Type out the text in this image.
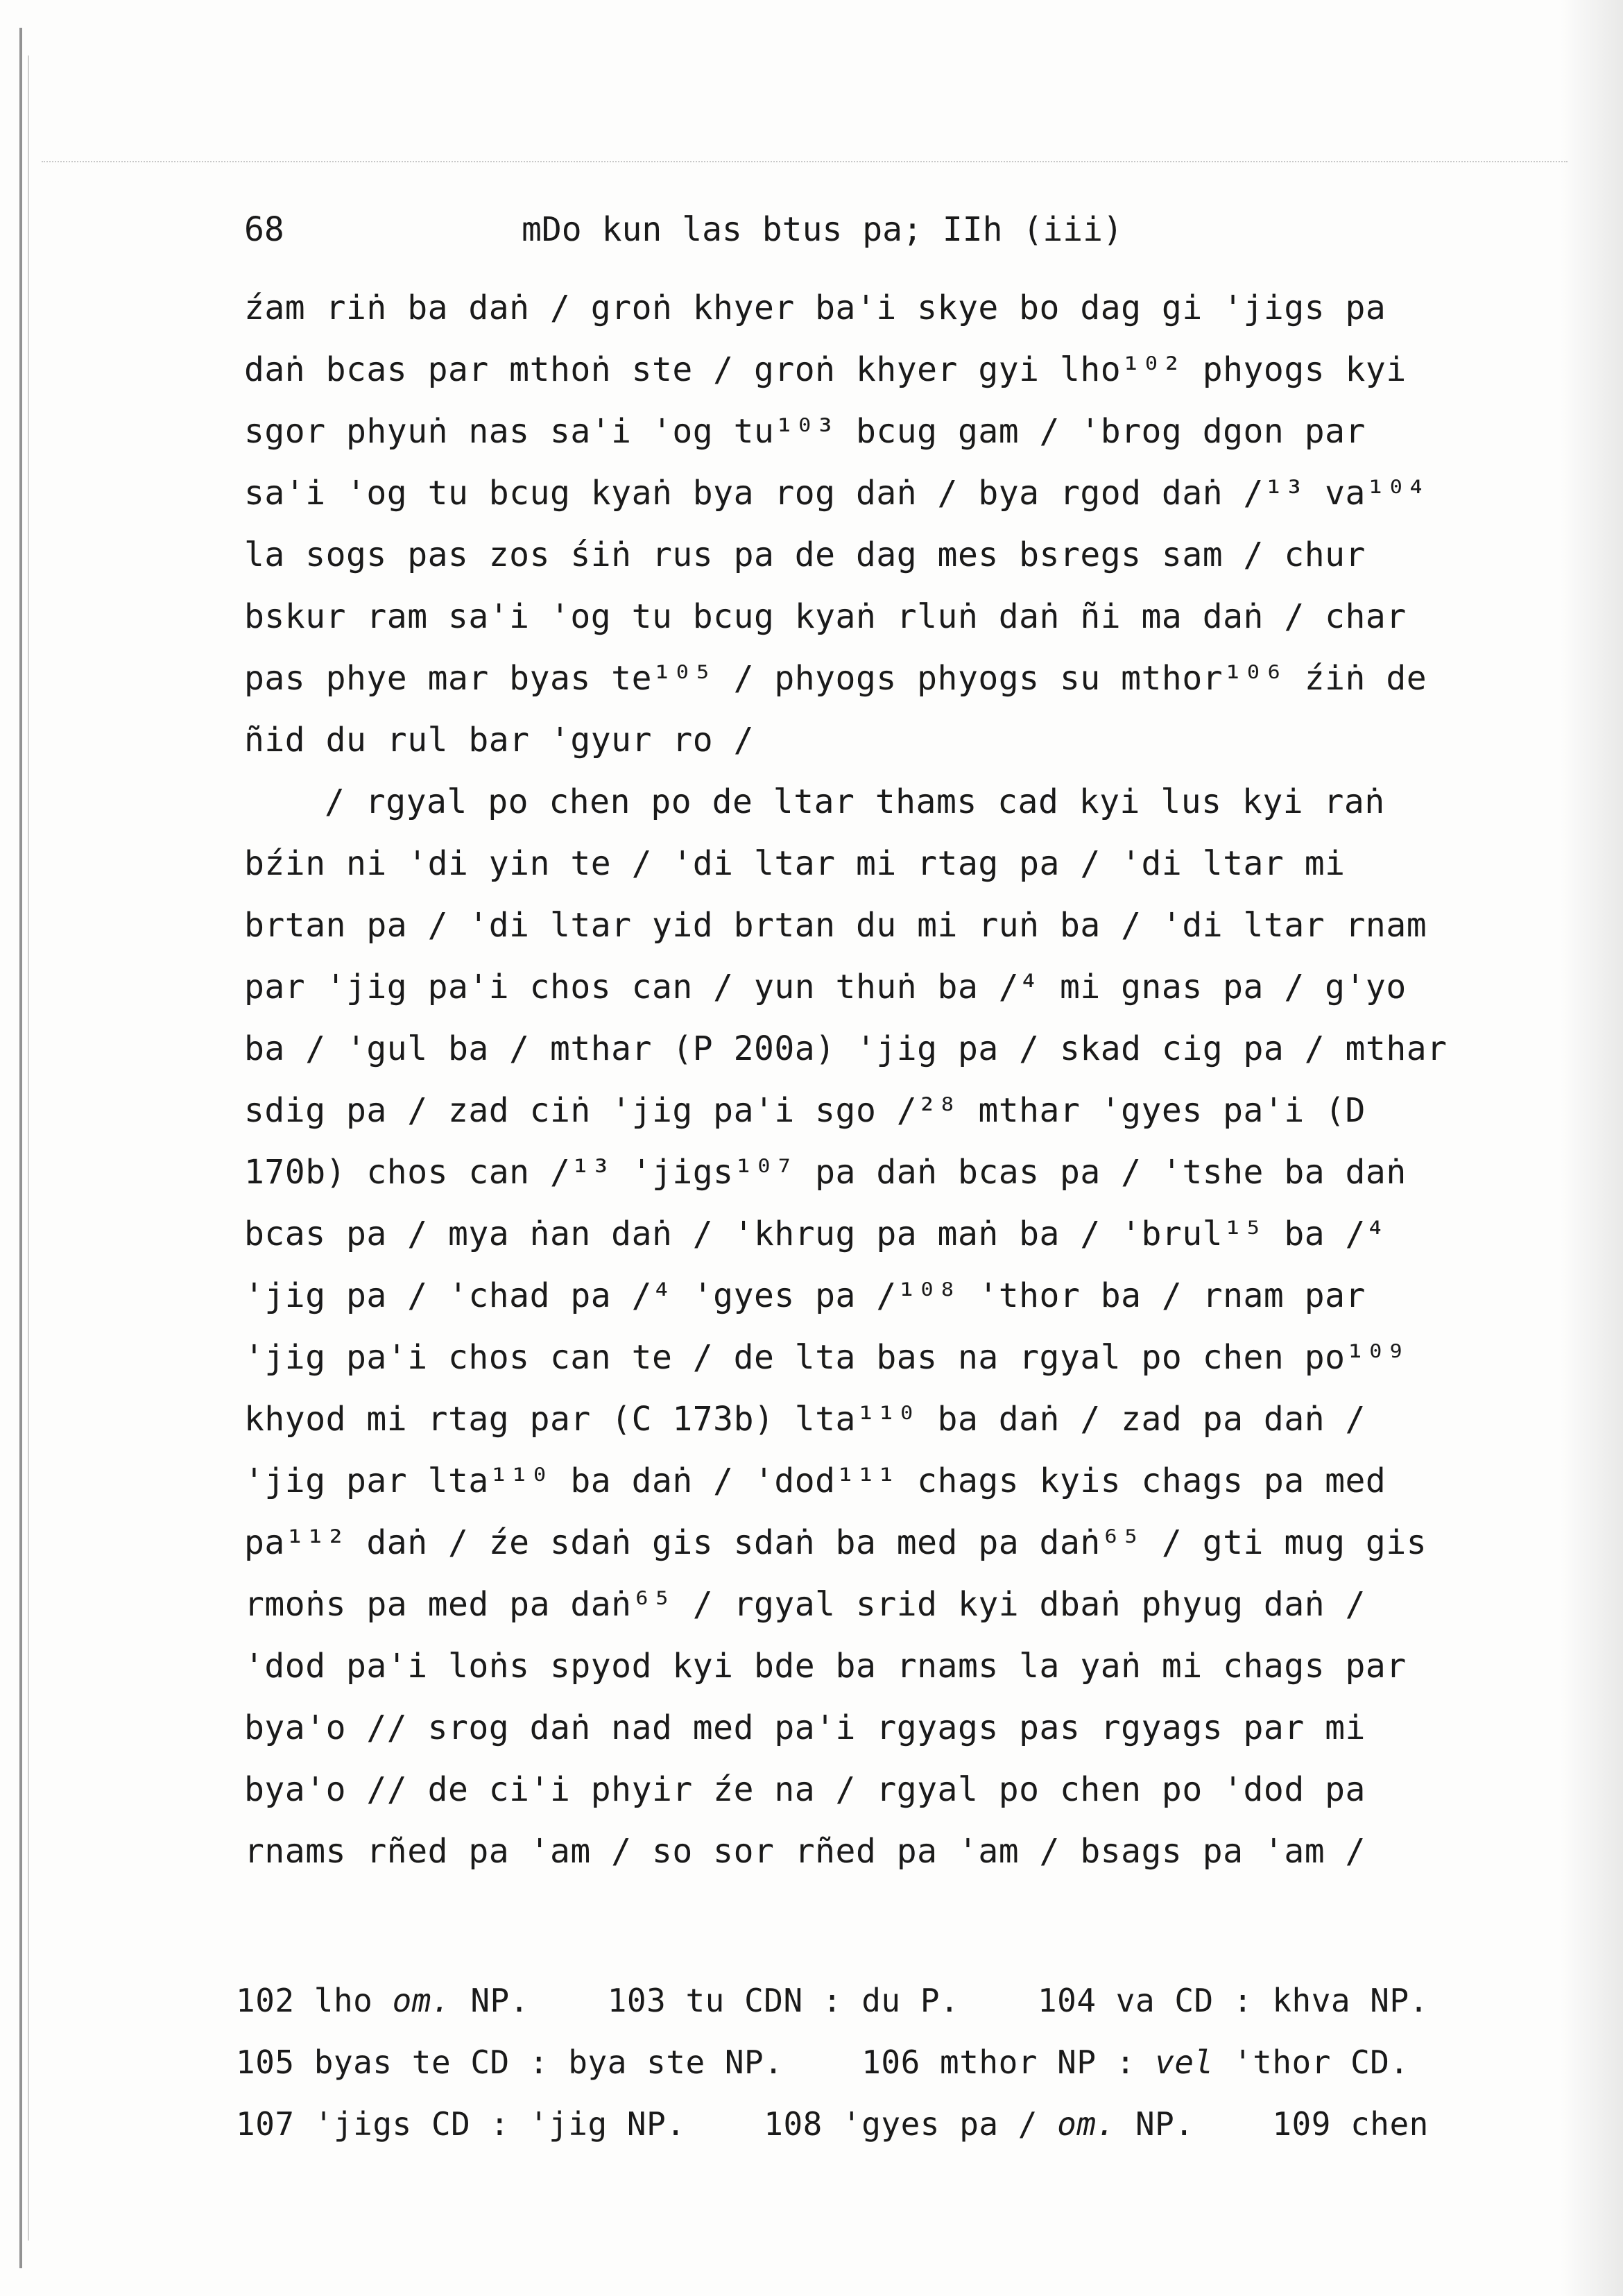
68

	mDo kun las btus pa; IIh (iii)

źam riṅ ba daṅ / groṅ khyer ba'i skye bo dag gi 'jigs pa
daṅ bcas par mthoṅ ste / groṅ khyer gyi lho¹⁰² phyogs kyi
sgor phyuṅ nas sa'i 'og tu¹⁰³ bcug gam / 'brog dgon par
sa'i 'og tu bcug kyaṅ bya rog daṅ / bya rgod daṅ /¹³ va¹⁰⁴
la sogs pas zos śiṅ rus pa de dag mes bsregs sam / chur
bskur ram sa'i 'og tu bcug kyaṅ rluṅ daṅ ñi ma daṅ / char
pas phye mar byas te¹⁰⁵ / phyogs phyogs su mthor¹⁰⁶ źiṅ de
ñid du rul bar 'gyur ro /
/ rgyal po chen po de ltar thams cad kyi lus kyi raṅ
bźin ni 'di yin te / 'di ltar mi rtag pa / 'di ltar mi
brtan pa / 'di ltar yid brtan du mi ruṅ ba / 'di ltar rnam
par 'jig pa'i chos can / yun thuṅ ba /⁴ mi gnas pa / g'yo
ba / 'gul ba / mthar (P 200a) 'jig pa / skad cig pa / mthar
sdig pa / zad ciṅ 'jig pa'i sgo /²⁸ mthar 'gyes pa'i (D
170b) chos can /¹³ 'jigs¹⁰⁷ pa daṅ bcas pa / 'tshe ba daṅ
bcas pa / mya ṅan daṅ / 'khrug pa maṅ ba / 'brul¹⁵ ba /⁴
'jig pa / 'chad pa /⁴ 'gyes pa /¹⁰⁸ 'thor ba / rnam par
'jig pa'i chos can te / de lta bas na rgyal po chen po¹⁰⁹
khyod mi rtag par (C 173b) lta¹¹⁰ ba daṅ / zad pa daṅ /
'jig par lta¹¹⁰ ba daṅ / 'dod¹¹¹ chags kyis chags pa med
pa¹¹² daṅ / źe sdaṅ gis sdaṅ ba med pa daṅ⁶⁵ / gti mug gis
rmoṅs pa med pa daṅ⁶⁵ / rgyal srid kyi dbaṅ phyug daṅ /
'dod pa'i loṅs spyod kyi bde ba rnams la yaṅ mi chags par
bya'o // srog daṅ nad med pa'i rgyags pas rgyags par mi
bya'o // de ci'i phyir źe na / rgyal po chen po 'dod pa
rnams rñed pa 'am / so sor rñed pa 'am / bsags pa 'am /
102 lho om. NP.    103 tu CDN : du P.    104 va CD : khva NP.
105 byas te CD : bya ste NP.    106 mthor NP : vel 'thor CD.
107 'jigs CD : 'jig NP.    108 'gyes pa / om. NP.    109 chen
